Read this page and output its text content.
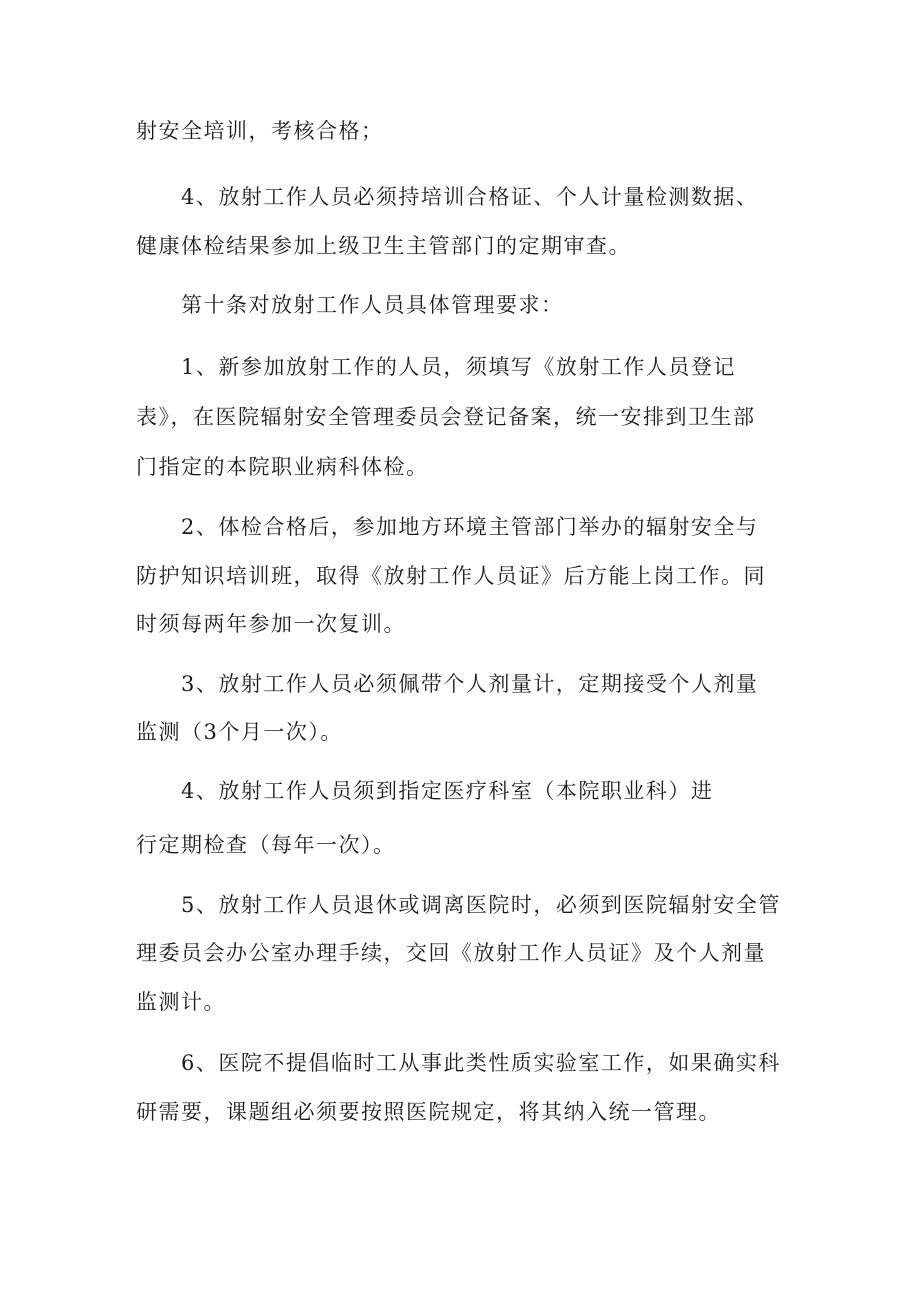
射安全培训，考核合格；
4、放射工作人员必须持培训合格证、个人计量检测数据、
健康体检结果参加上级卫生主管部门的定期审查。
第十条对放射工作人员具体管理要求：
1、新参加放射工作的人员，须填写《放射工作人员登记
表》，在医院辐射安全管理委员会登记备案，统一安排到卫生部
门指定的本院职业病科体检。
2、体检合格后，参加地方环境主管部门举办的辐射安全与
防护知识培训班，取得《放射工作人员证》后方能上岗工作。同
时须每两年参加一次复训。
3、放射工作人员必须佩带个人剂量计，定期接受个人剂量
监测（3个月一次）。
4、放射工作人员须到指定医疗科室（本院职业科）进
行定期检查（每年一次）。
5、放射工作人员退休或调离医院时，必须到医院辐射安全管
理委员会办公室办理手续，交回《放射工作人员证》及个人剂量
监测计。
6、医院不提倡临时工从事此类性质实验室工作，如果确实科
研需要，课题组必须要按照医院规定，将其纳入统一管理。
